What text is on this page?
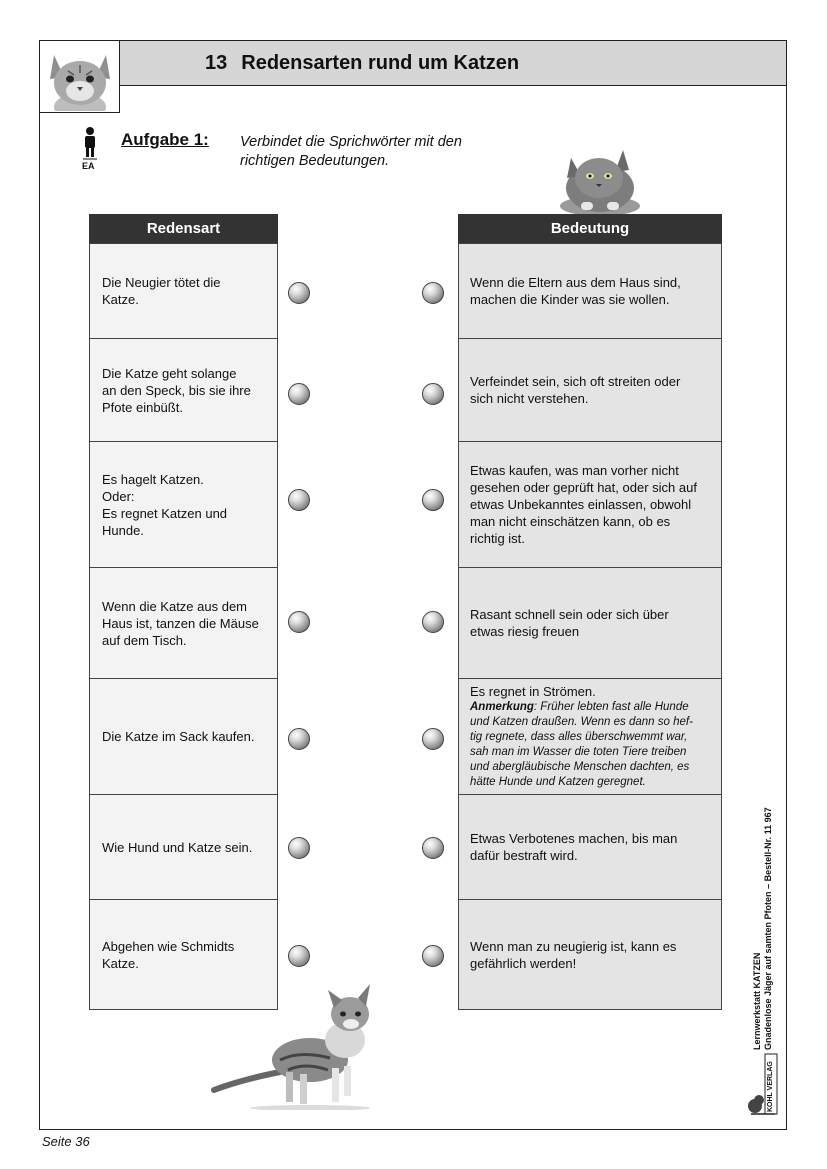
13 Redensarten rund um Katzen
EA
Aufgabe 1: Verbindet die Sprichwörter mit den richtigen Bedeutungen.
Redensart	Bedeutung
Die Neugier tötet die
Katze.
Die Katze geht solange
an den Speck, bis sie ihre
Pfote einbüßt.
Es hagelt Katzen.
Oder:
Es regnet Katzen und
Hunde.
Wenn die Katze aus dem
Haus ist, tanzen die Mäuse
auf dem Tisch.
Die Katze im Sack kaufen.
Wie Hund und Katze sein.
Abgehen wie Schmidts
Katze.
Wenn die Eltern aus dem Haus sind,
machen die Kinder was sie wollen.
Verfeindet sein, sich oft streiten oder
sich nicht verstehen.
Etwas kaufen, was man vorher nicht
gesehen oder geprüft hat, oder sich auf
etwas Unbekanntes einlassen, obwohl
man nicht einschätzen kann, ob es
richtig ist.
Rasant schnell sein oder sich über
etwas riesig freuen
Es regnet in Strömen.
Anmerkung: Früher lebten fast alle Hunde
und Katzen draußen. Wenn es dann so hef-
tig regnete, dass alles überschwemmt war,
sah man im Wasser die toten Tiere treiben
und abergläubische Menschen dachten, es
hätte Hunde und Katzen geregnet.
Etwas Verbotenes machen, bis man
dafür bestraft wird.
Wenn man zu neugierig ist, kann es
gefährlich werden!	Lernwerkstatt KATZEN Gnadenlose Jäger auf samten Pfoten – Bestell-Nr. 11 967
KOHL VERLAG
Seite 36
